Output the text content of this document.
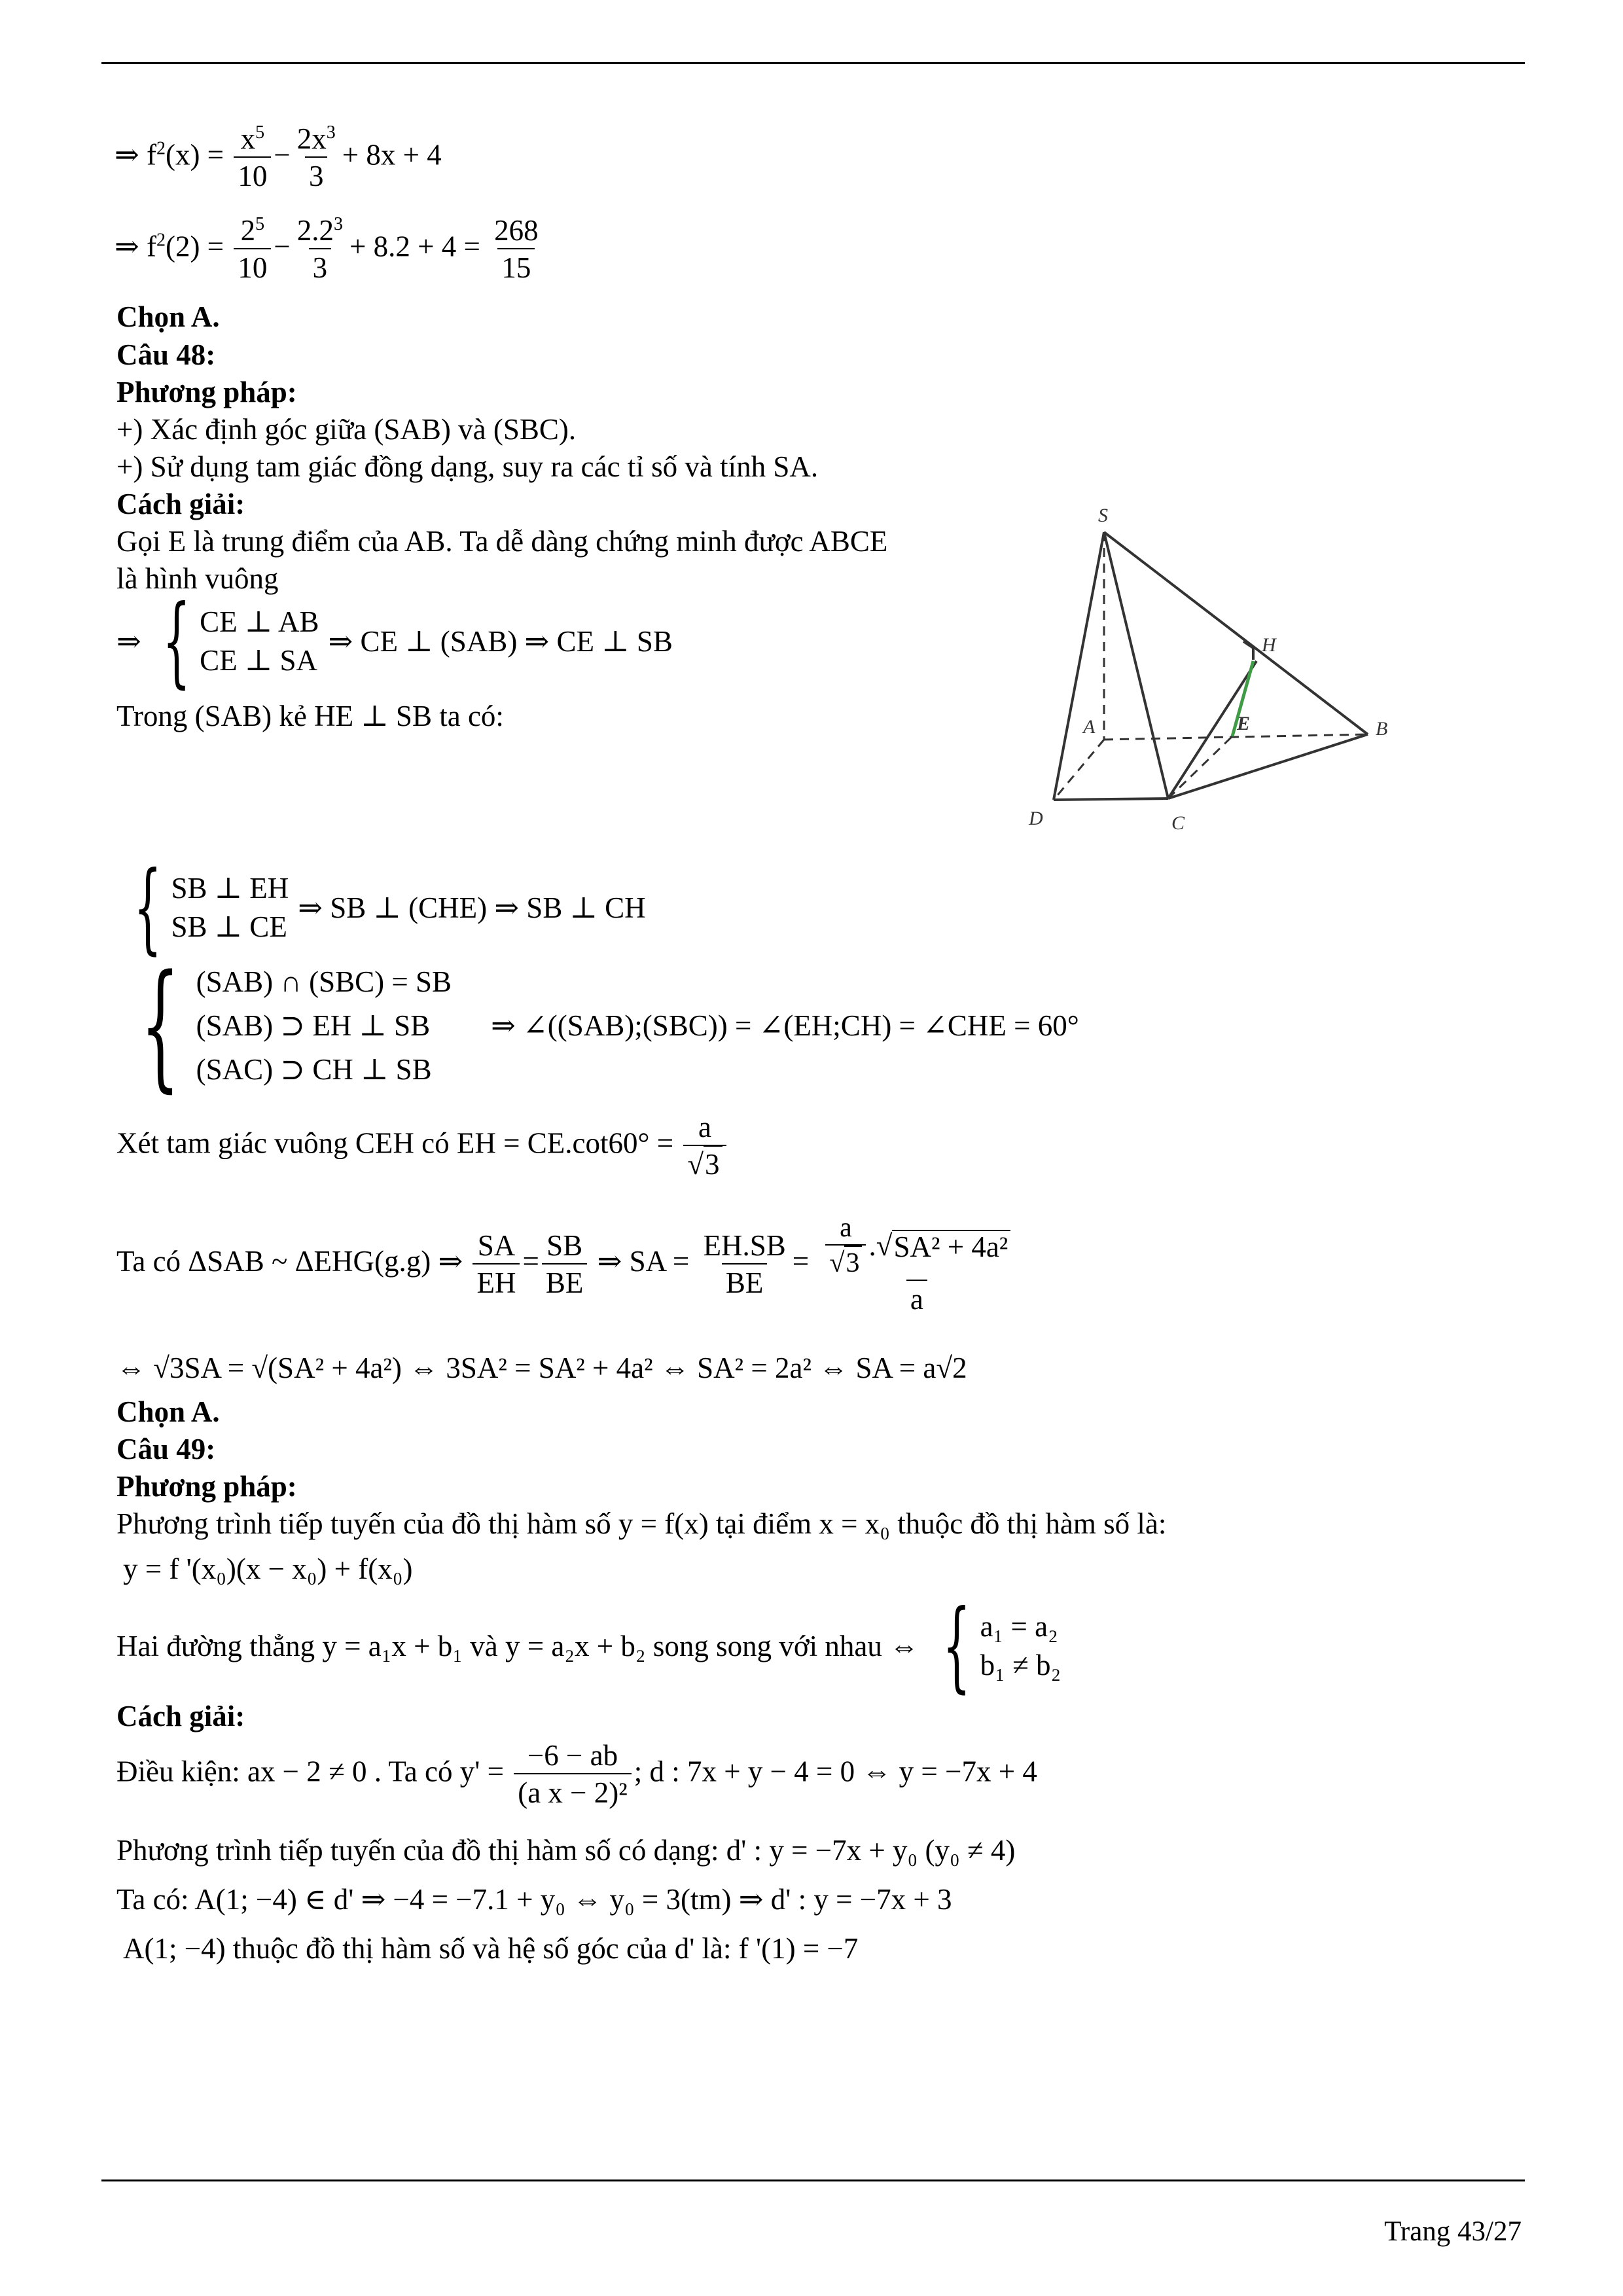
⇒ $f^2(x) = \frac{x^5}{10} - \frac{2x^3}{3} + 8x + 4$
⇒ $f^2(2) = \frac{2^5}{10} - \frac{2.2^3}{3} + 8.2 + 4 = \frac{268}{15}$
Chọn A.
Câu 48:
Phương pháp:
+) Xác định góc giữa (SAB) và (SBC).
+) Sử dụng tam giác đồng dạng, suy ra các tỉ số và tính SA.
Cách giải:
Gọi E là trung điểm của AB. Ta dễ dàng chứng minh được ABCE
là hình vuông
⇒ { CE ⊥ AB
CE ⊥ SA
⇒ CE ⊥ (SAB) ⇒ CE ⊥ SB
Trong (SAB) kẻ HE ⊥ SB ta có:
S
H
A	E	B
D	C
{ SB ⊥ EH
SB ⊥ CE
⇒ SB ⊥ (CHE) ⇒ SB ⊥ CH
{ (SAB) ∩ (SBC) = SB
(SAB) ⊃ EH ⊥ SB
(SAC) ⊃ CH ⊥ SB
⇒ ∠((SAB);(SBC)) = ∠(EH;CH) = ∠CHE = 60°
Xét tam giác vuông CEH có EH = $CE.\cot 60^\circ = \frac{a}{√3}$
Ta có ΔSAB ~ ΔEHG(g.g) ⇒ $\frac{SA}{EH} = \frac{SB}{BE}$ ⇒ SA = $\frac{EH.SB}{BE} = \frac{\frac{a}{√3} .√ SA^2 + 4a^2}{a}$
⇔ √3SA = √(SA² + 4a²) ⇔ 3SA² = SA² + 4a² ⇔ SA² = 2a² ⇔ SA = a√2
Chọn A.
Câu 49:
Phương pháp:
Phương trình tiếp tuyến của đồ thị hàm số y = f(x) tại điểm x = x₀ thuộc đồ thị hàm số là:
y = f '(x₀)(x − x₀) + f(x₀)
Hai đường thẳng y = a₁x + b₁ và y = a₂x + b₂ song song với nhau ⇔ { a₁ = a₂
b₁ ≠ b₂
Cách giải:
Điều kiện: ax − 2 ≠ 0 . Ta có $y' = \frac{-6 - ab}{\text{(a x − 2)²}}$ ; d : 7x + y − 4 = 0 ⇔ y = −7x + 4
Phương trình tiếp tuyến của đồ thị hàm số có dạng: d' : y = −7x + y₀ (y₀ ≠ 4)
Ta có: A(1; −4) ∈ d' ⇒ −4 = −7.1 + y₀ ⇔ y₀ = 3(tm) ⇒ d' : y = −7x + 3
A(1; −4) thuộc đồ thị hàm số và hệ số góc của d' là: f '(1) = −7
Trang 43/27
